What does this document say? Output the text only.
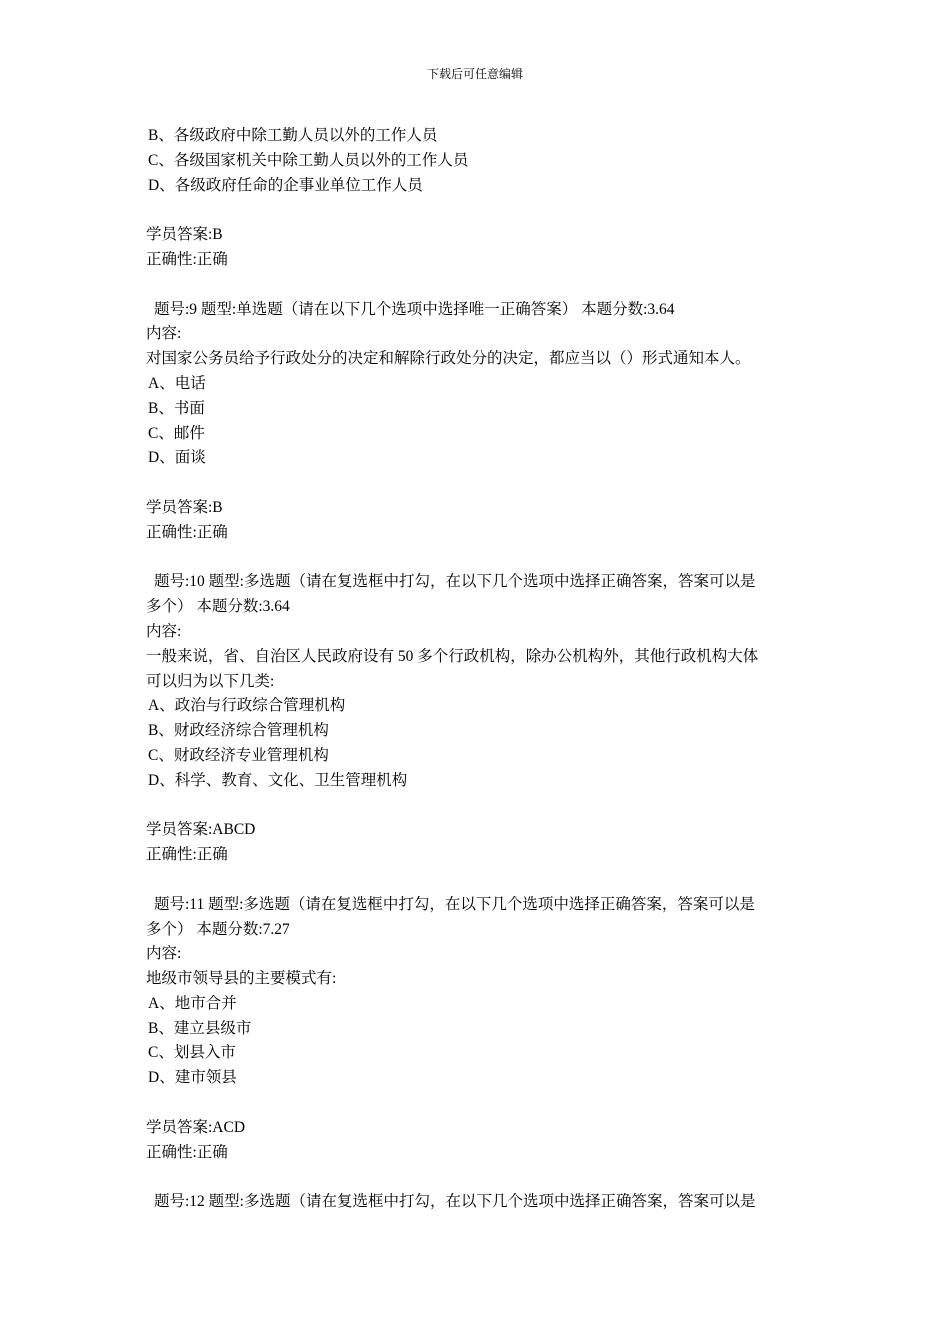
下载后可任意编辑
B、各级政府中除工勤人员以外的工作人员
C、各级国家机关中除工勤人员以外的工作人员
D、各级政府任命的企事业单位工作人员
学员答案:B
正确性:正确
题号:9 题型:单选题（请在以下几个选项中选择唯一正确答案） 本题分数:3.64
内容:
对国家公务员给予行政处分的决定和解除行政处分的决定，都应当以（）形式通知本人。
A、电话
B、书面
C、邮件
D、面谈
学员答案:B
正确性:正确
题号:10 题型:多选题（请在复选框中打勾，在以下几个选项中选择正确答案，答案可以是
多个） 本题分数:3.64
内容:
一般来说，省、自治区人民政府设有 50 多个行政机构，除办公机构外，其他行政机构大体
可以归为以下几类:
A、政治与行政综合管理机构
B、财政经济综合管理机构
C、财政经济专业管理机构
D、科学、教育、文化、卫生管理机构
学员答案:ABCD
正确性:正确
题号:11 题型:多选题（请在复选框中打勾，在以下几个选项中选择正确答案，答案可以是
多个） 本题分数:7.27
内容:
地级市领导县的主要模式有:
A、地市合并
B、建立县级市
C、划县入市
D、建市领县
学员答案:ACD
正确性:正确
题号:12 题型:多选题（请在复选框中打勾，在以下几个选项中选择正确答案，答案可以是
